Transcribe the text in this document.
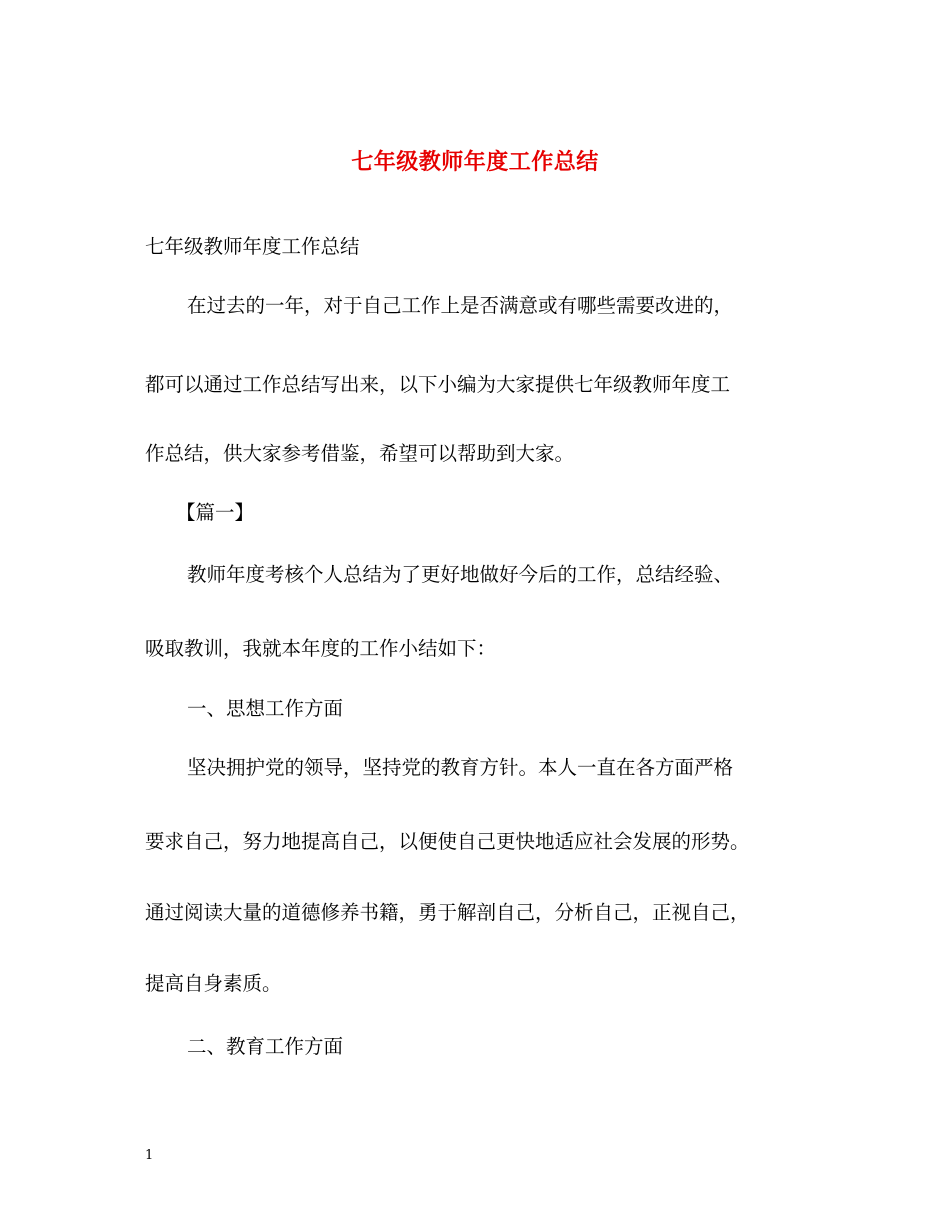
七年级教师年度工作总结
七年级教师年度工作总结
在过去的一年，对于自己工作上是否满意或有哪些需要改进的，
都可以通过工作总结写出来，以下小编为大家提供七年级教师年度工
作总结，供大家参考借鉴，希望可以帮助到大家。
【篇一】
教师年度考核个人总结为了更好地做好今后的工作，总结经验、
吸取教训，我就本年度的工作小结如下：
一、思想工作方面
坚决拥护党的领导，坚持党的教育方针。本人一直在各方面严格
要求自己，努力地提高自己，以便使自己更快地适应社会发展的形势。
通过阅读大量的道德修养书籍，勇于解剖自己，分析自己，正视自己，
提高自身素质。
二、教育工作方面
1
